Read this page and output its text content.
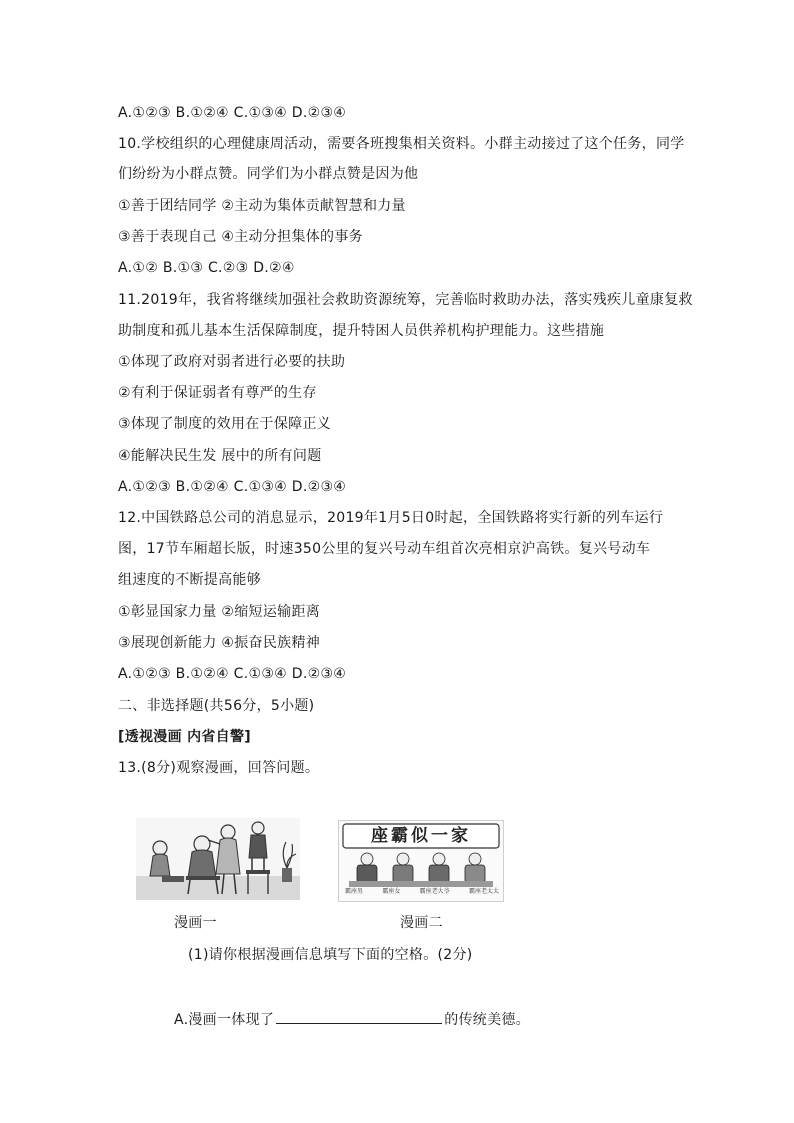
A.①②③ B.①②④ C.①③④ D.②③④
10.学校组织的心理健康周活动，需要各班搜集相关资料。小群主动接过了这个任务，同学
们纷纷为小群点赞。同学们为小群点赞是因为他
①善于团结同学 ②主动为集体贡献智慧和力量
③善于表现自己 ④主动分担集体的事务
A.①② B.①③ C.②③ D.②④
11.2019年，我省将继续加强社会救助资源统筹，完善临时救助办法，落实残疾儿童康复救
助制度和孤儿基本生活保障制度，提升特困人员供养机构护理能力。这些措施
①体现了政府对弱者进行必要的扶助
②有利于保证弱者有尊严的生存
③体现了制度的效用在于保障正义
④能解决民生发 展中的所有问题
A.①②③ B.①②④ C.①③④ D.②③④
12.中国铁路总公司的消息显示，2019年1月5日0时起，全国铁路将实行新的列车运行
图，17节车厢超长版，时速350公里的复兴号动车组首次亮相京沪高铁。复兴号动车
组速度的不断提高能够
①彰显国家力量 ②缩短运输距离
③展现创新能力 ④振奋民族精神
A.①②③ B.①②④ C.①③④ D.②③④
二、非选择题(共56分，5小题)
[透视漫画 内省自警]
13.(8分)观察漫画，回答问题。
座霸似一家
霸座男	霸座女	霸座老大爷	霸座老太太
漫画一	漫画二
(1)请你根据漫画信息填写下面的空格。(2分)
A.漫画一体现了	的传统美德。
